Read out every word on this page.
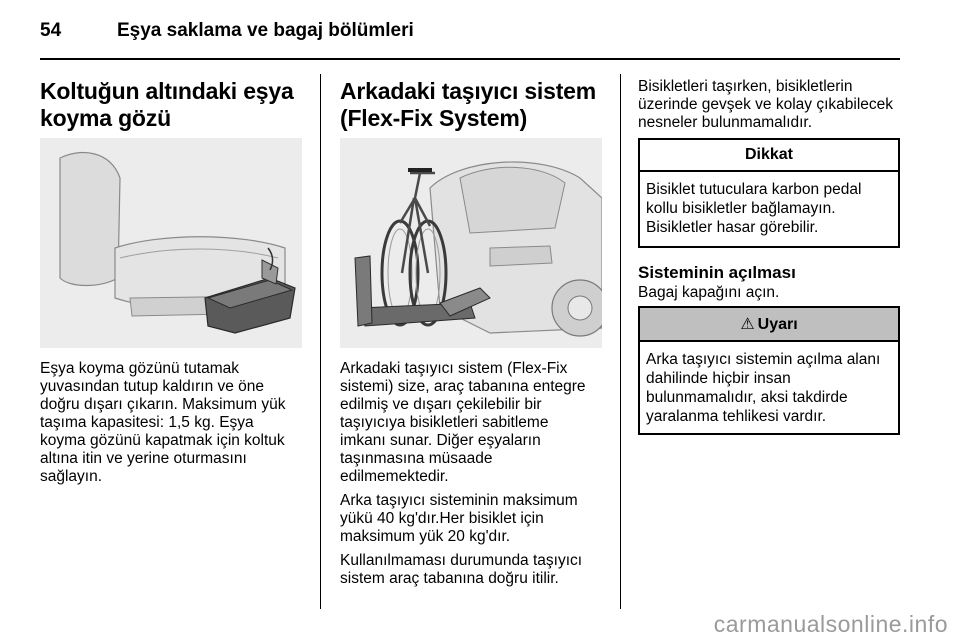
54	Eşya saklama ve bagaj bölümleri
Koltuğun altındaki eşya
koyma gözü
Eşya koyma gözünü tutamak
yuvasından tutup kaldırın ve öne
doğru dışarı çıkarın. Maksimum yük
taşıma kapasitesi: 1,5 kg. Eşya
koyma gözünü kapatmak için koltuk
altına itin ve yerine oturmasını
sağlayın.
Arkadaki taşıyıcı sistem
(Flex-Fix System)

Arkadaki taşıyıcı sistem (Flex-Fix
sistemi) size, araç tabanına entegre
edilmiş ve dışarı çekilebilir bir
taşıyıcıya bisikletleri sabitleme
imkanı sunar. Diğer eşyaların
taşınmasına müsaade
edilmemektedir.

Arka taşıyıcı sisteminin maksimum
yükü 40 kg'dır.Her bisiklet için
maksimum yük 20 kg'dır.

Kullanılmaması durumunda taşıyıcı
sistem araç tabanına doğru itilir.

Bisikletleri taşırken, bisikletlerin
üzerinde gevşek ve kolay çıkabilecek
nesneler bulunmamalıdır.
Dikkat
Bisiklet tutuculara karbon pedal
kollu bisikletler bağlamayın.
Bisikletler hasar görebilir.
Sisteminin açılması
Bagaj kapağını açın.
⚠ Uyarı
Arka taşıyıcı sistemin açılma alanı
dahilinde hiçbir insan
bulunmamalıdır, aksi takdirde
yaralanma tehlikesi vardır.
carmanualsonline.info
